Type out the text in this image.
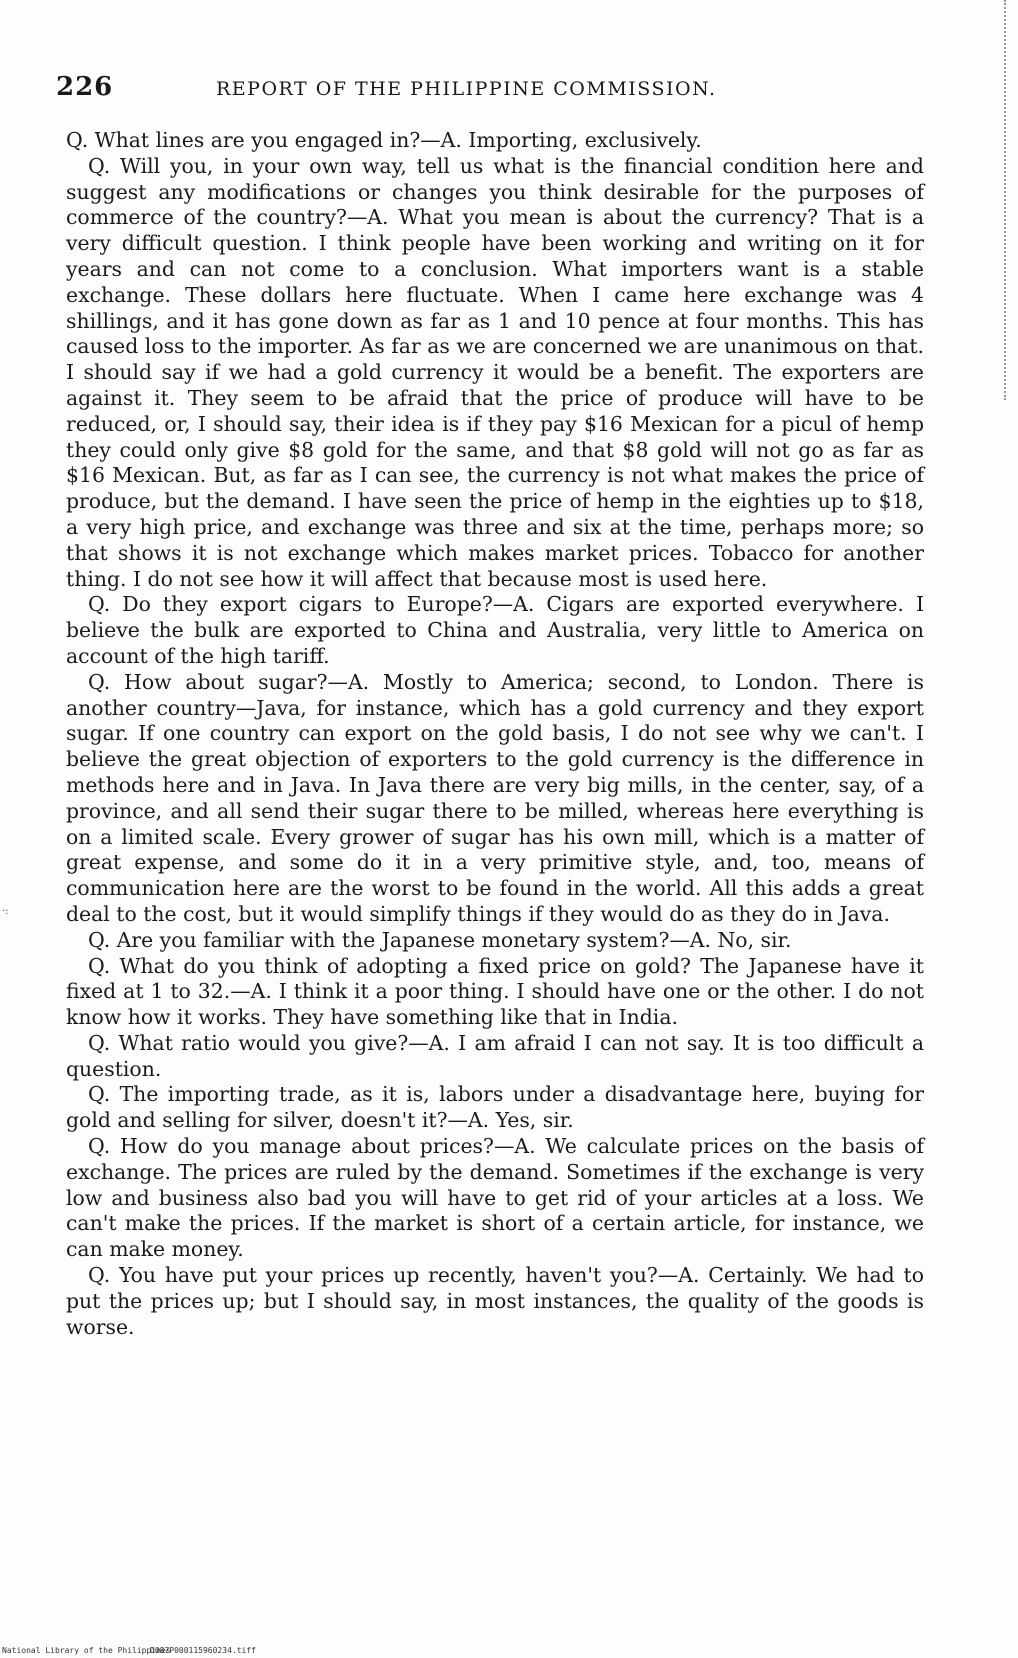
·:
226	REPORT OF THE PHILIPPINE COMMISSION.

Q. What lines are you engaged in?—A. Importing, exclusively.

Q. Will you, in your own way, tell us what is the financial condition here and suggest any modifications or changes you think desirable for the purposes of commerce of the country?—A. What you mean is about the currency? That is a very difficult question. I think people have been working and writing on it for years and can not come to a conclusion. What importers want is a stable exchange. These dollars here fluctuate. When I came here exchange was 4 shillings, and it has gone down as far as 1 and 10 pence at four months. This has caused loss to the importer. As far as we are concerned we are unanimous on that. I should say if we had a gold currency it would be a benefit. The exporters are against it. They seem to be afraid that the price of produce will have to be reduced, or, I should say, their idea is if they pay $16 Mexican for a picul of hemp they could only give $8 gold for the same, and that $8 gold will not go as far as $16 Mexican. But, as far as I can see, the currency is not what makes the price of produce, but the demand. I have seen the price of hemp in the eighties up to $18, a very high price, and exchange was three and six at the time, perhaps more; so that shows it is not exchange which makes market prices. Tobacco for another thing. I do not see how it will affect that because most is used here.

Q. Do they export cigars to Europe?—A. Cigars are exported everywhere. I believe the bulk are exported to China and Australia, very little to America on account of the high tariff.

Q. How about sugar?—A. Mostly to America; second, to London. There is another country—Java, for instance, which has a gold currency and they export sugar. If one country can export on the gold basis, I do not see why we can't. I believe the great objection of exporters to the gold currency is the difference in methods here and in Java. In Java there are very big mills, in the center, say, of a province, and all send their sugar there to be milled, whereas here everything is on a limited scale. Every grower of sugar has his own mill, which is a matter of great expense, and some do it in a very primitive style, and, too, means of communication here are the worst to be found in the world. All this adds a great deal to the cost, but it would simplify things if they would do as they do in Java.

Q. Are you familiar with the Japanese monetary system?—A. No, sir.

Q. What do you think of adopting a fixed price on gold? The Japanese have it fixed at 1 to 32.—A. I think it a poor thing. I should have one or the other. I do not know how it works. They have something like that in India.

Q. What ratio would you give?—A. I am afraid I can not say. It is too difficult a question.

Q. The importing trade, as it is, labors under a disadvantage here, buying for gold and selling for silver, doesn't it?—A. Yes, sir.

Q. How do you manage about prices?—A. We calculate prices on the basis of exchange. The prices are ruled by the demand. Sometimes if the exchange is very low and business also bad you will have to get rid of your articles at a loss. We can't make the prices. If the market is short of a certain article, for instance, we can make money.

Q. You have put your prices up recently, haven't you?—A. Certainly. We had to put the prices up; but I should say, in most instances, the quality of the goods is worse.

National Library of the Philippines
D087P000115960234.tiff
